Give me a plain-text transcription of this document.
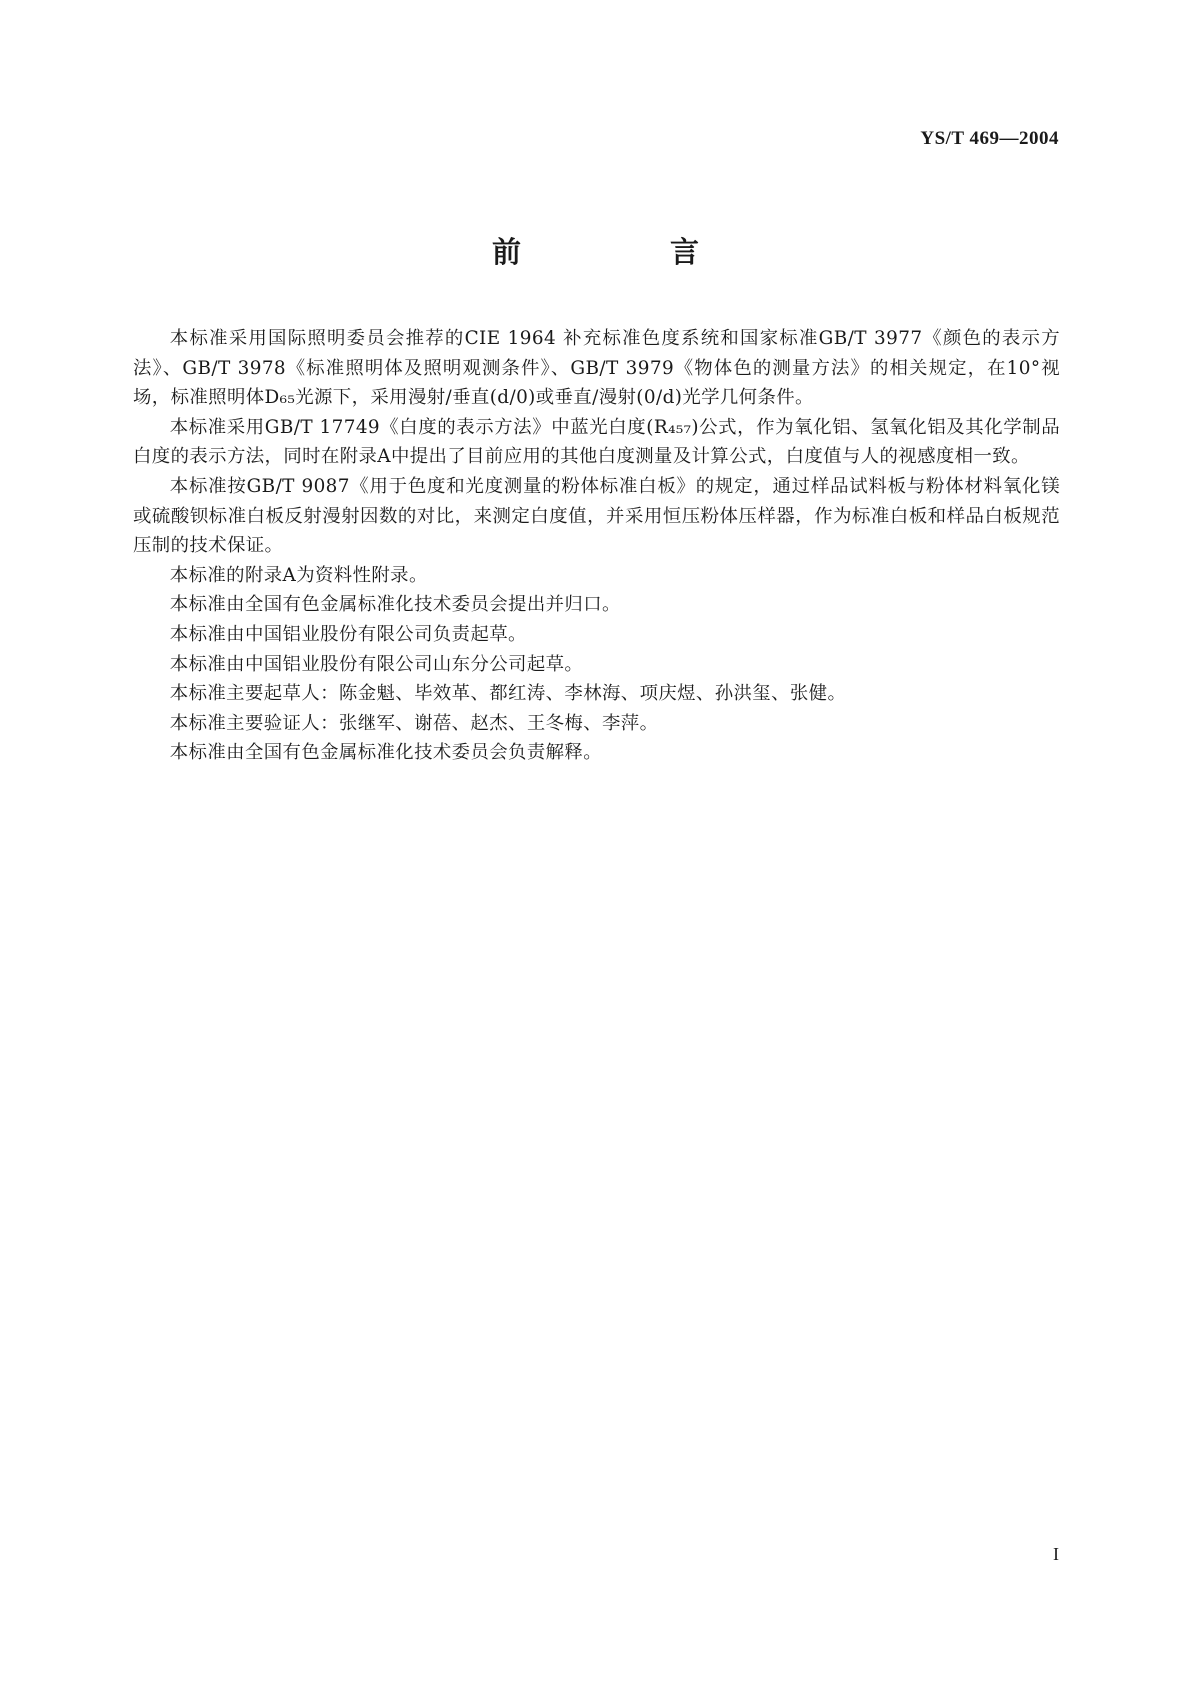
YS/T 469—2004
前　言

本标准采用国际照明委员会推荐的CIE 1964 补充标准色度系统和国家标准GB/T 3977《颜色的表示方法》、GB/T 3978《标准照明体及照明观测条件》、GB/T 3979《物体色的测量方法》的相关规定，在10°视场，标准照明体D₆₅光源下，采用漫射/垂直(d/0)或垂直/漫射(0/d)光学几何条件。

本标准采用GB/T 17749《白度的表示方法》中蓝光白度(R₄₅₇)公式，作为氧化铝、氢氧化铝及其化学制品白度的表示方法，同时在附录A中提出了目前应用的其他白度测量及计算公式，白度值与人的视感度相一致。

本标准按GB/T 9087《用于色度和光度测量的粉体标准白板》的规定，通过样品试料板与粉体材料氧化镁或硫酸钡标准白板反射漫射因数的对比，来测定白度值，并采用恒压粉体压样器，作为标准白板和样品白板规范压制的技术保证。

本标准的附录A为资料性附录。

本标准由全国有色金属标准化技术委员会提出并归口。

本标准由中国铝业股份有限公司负责起草。

本标准由中国铝业股份有限公司山东分公司起草。

本标准主要起草人：陈金魁、毕效革、都红涛、李林海、项庆煜、孙洪玺、张健。

本标准主要验证人：张继军、谢蓓、赵杰、王冬梅、李萍。

本标准由全国有色金属标准化技术委员会负责解释。

I
